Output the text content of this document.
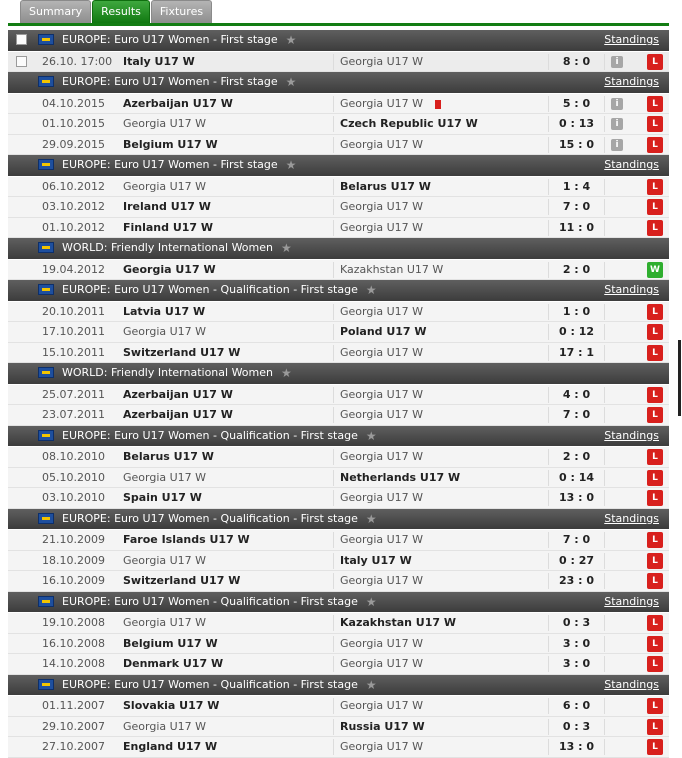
Summary	Results	Fixtures
EUROPE: Euro U17 Women - First stage ★	Standings
26.10. 17:00 Italy U17 W	Georgia U17 W	8 : 0	i	L
EUROPE: Euro U17 Women - First stage ★	Standings
04.10.2015 Azerbaijan U17 W	Georgia U17 W	5 : 0	i	L
01.10.2015 Georgia U17 W	Czech Republic U17 W	0 : 13	i	L
29.09.2015 Belgium U17 W	Georgia U17 W	15 : 0	i	L
EUROPE: Euro U17 Women - First stage ★	Standings
06.10.2012 Georgia U17 W	Belarus U17 W	1 : 4	L
03.10.2012 Ireland U17 W	Georgia U17 W	7 : 0	L
01.10.2012 Finland U17 W	Georgia U17 W	11 : 0	L
WORLD: Friendly International Women ★
19.04.2012 Georgia U17 W	Kazakhstan U17 W	2 : 0	W
EUROPE: Euro U17 Women - Qualification - First stage ★	Standings
20.10.2011 Latvia U17 W	Georgia U17 W	1 : 0	L
17.10.2011 Georgia U17 W	Poland U17 W	0 : 12	L
15.10.2011 Switzerland U17 W	Georgia U17 W	17 : 1	L
WORLD: Friendly International Women ★
25.07.2011 Azerbaijan U17 W	Georgia U17 W	4 : 0	L
23.07.2011 Azerbaijan U17 W	Georgia U17 W	7 : 0	L
EUROPE: Euro U17 Women - Qualification - First stage ★	Standings
08.10.2010 Belarus U17 W	Georgia U17 W	2 : 0	L
05.10.2010 Georgia U17 W	Netherlands U17 W	0 : 14	L
03.10.2010 Spain U17 W	Georgia U17 W	13 : 0	L
EUROPE: Euro U17 Women - Qualification - First stage ★	Standings
21.10.2009 Faroe Islands U17 W	Georgia U17 W	7 : 0	L
18.10.2009 Georgia U17 W	Italy U17 W	0 : 27	L
16.10.2009 Switzerland U17 W	Georgia U17 W	23 : 0	L
EUROPE: Euro U17 Women - Qualification - First stage ★	Standings
19.10.2008 Georgia U17 W	Kazakhstan U17 W	0 : 3	L
16.10.2008 Belgium U17 W	Georgia U17 W	3 : 0	L
14.10.2008 Denmark U17 W	Georgia U17 W	3 : 0	L
EUROPE: Euro U17 Women - Qualification - First stage ★	Standings
01.11.2007 Slovakia U17 W	Georgia U17 W	6 : 0	L
29.10.2007 Georgia U17 W	Russia U17 W	0 : 3	L
27.10.2007 England U17 W	Georgia U17 W	13 : 0	L
